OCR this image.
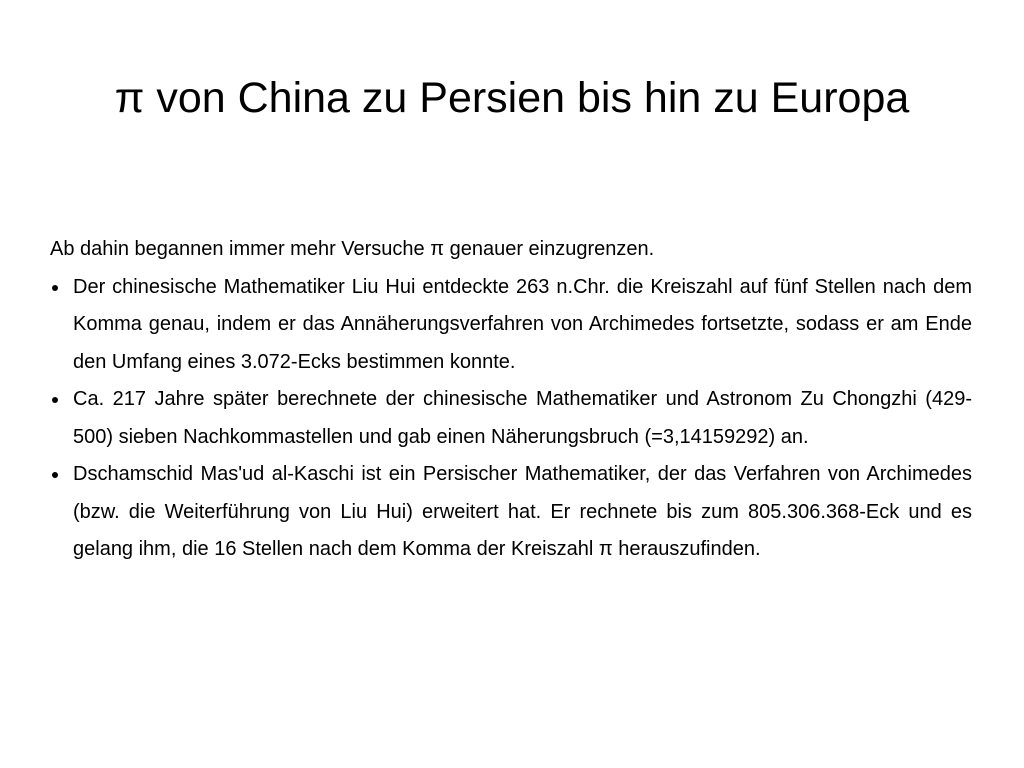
π von China zu Persien bis hin zu Europa

Ab dahin begannen immer mehr Versuche π genauer einzugrenzen.

Der chinesische Mathematiker Liu Hui entdeckte 263 n.Chr. die Kreiszahl auf fünf Stellen nach dem Komma genau, indem er das Annäherungsverfahren von Archimedes fortsetzte, sodass er am Ende den Umfang eines 3.072-Ecks bestimmen konnte.
Ca. 217 Jahre später berechnete der chinesische Mathematiker und Astronom Zu Chongzhi (429-500) sieben Nachkommastellen und gab einen Näherungsbruch (=3,14159292) an.
Dschamschid Mas'ud al-Kaschi ist ein Persischer Mathematiker, der das Verfahren von Archimedes (bzw. die Weiterführung von Liu Hui) erweitert hat. Er rechnete bis zum 805.306.368-Eck und es gelang ihm, die 16 Stellen nach dem Komma der Kreiszahl π herauszufinden.
